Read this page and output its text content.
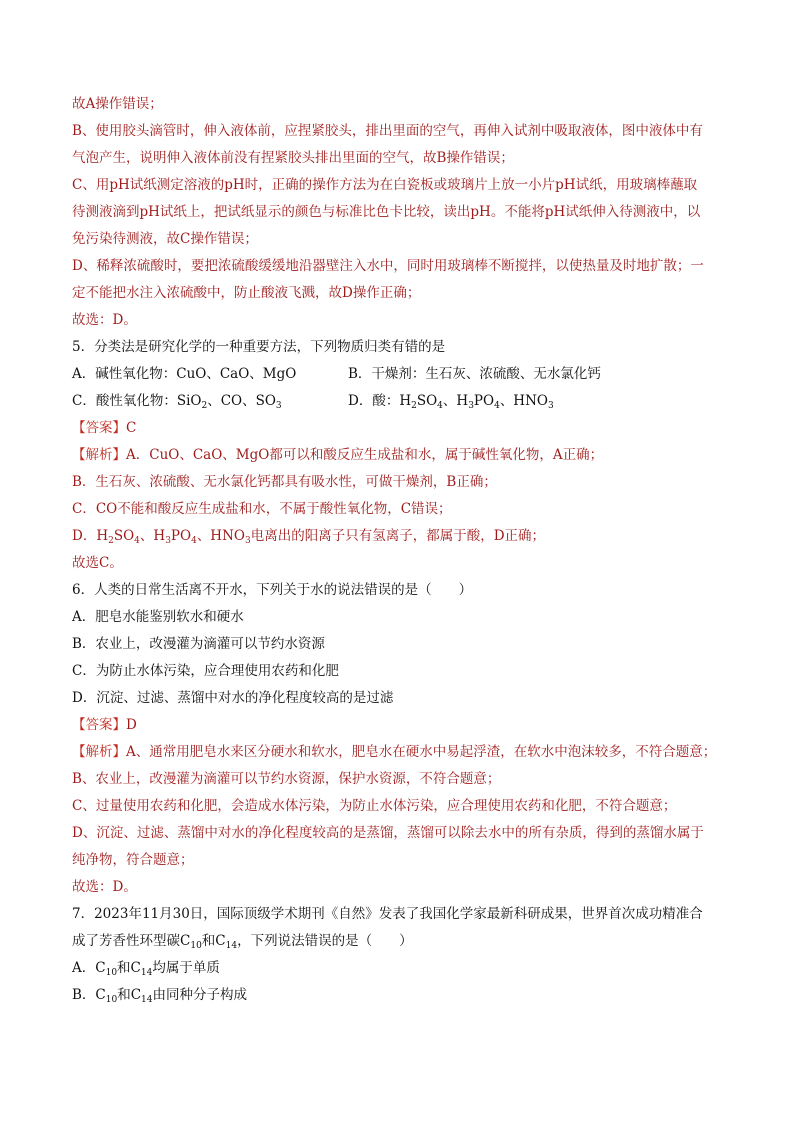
故A操作错误；
B、使用胶头滴管时，伸入液体前，应捏紧胶头，排出里面的空气，再伸入试剂中吸取液体，图中液体中有
气泡产生，说明伸入液体前没有捏紧胶头排出里面的空气，故B操作错误；
C、用pH试纸测定溶液的pH时，正确的操作方法为在白瓷板或玻璃片上放一小片pH试纸，用玻璃棒蘸取
待测液滴到pH试纸上，把试纸显示的颜色与标准比色卡比较，读出pH。不能将pH试纸伸入待测液中，以
免污染待测液，故C操作错误；
D、稀释浓硫酸时，要把浓硫酸缓缓地沿器壁注入水中，同时用玻璃棒不断搅拌，以使热量及时地扩散；一
定不能把水注入浓硫酸中，防止酸液飞溅，故D操作正确；
故选：D。
5．分类法是研究化学的一种重要方法，下列物质归类有错的是
A．碱性氧化物：CuO、CaO、MgO	B．干燥剂：生石灰、浓硫酸、无水氯化钙
C．酸性氧化物：SiO$_2$、CO、$SO_3$	D．酸：$H_2SO_4$、$H_3PO_4$、$HNO_3$
【答案】C
【解析】A．CuO、CaO、MgO都可以和酸反应生成盐和水，属于碱性氧化物，A正确；
B．生石灰、浓硫酸、无水氯化钙都具有吸水性，可做干燥剂，B正确；
C．CO不能和酸反应生成盐和水，不属于酸性氧化物，C错误；
D．$H_2SO_4$、$H_3PO_4$、$HNO_3$电离出的阳离子只有氢离子，都属于酸，D正确；
故选C。
6．人类的日常生活离不开水，下列关于水的说法错误的是（　　）
A．肥皂水能鉴别软水和硬水
B．农业上，改漫灌为滴灌可以节约水资源
C．为防止水体污染，应合理使用农药和化肥
D．沉淀、过滤、蒸馏中对水的净化程度较高的是过滤
【答案】D
【解析】A、通常用肥皂水来区分硬水和软水，肥皂水在硬水中易起浮渣，在软水中泡沫较多，不符合题意；
B、农业上，改漫灌为滴灌可以节约水资源，保护水资源，不符合题意；
C、过量使用农药和化肥，会造成水体污染，为防止水体污染，应合理使用农药和化肥，不符合题意；
D、沉淀、过滤、蒸馏中对水的净化程度较高的是蒸馏，蒸馏可以除去水中的所有杂质，得到的蒸馏水属于
纯净物，符合题意；
故选：D。
7．2023年11月30日，国际顶级学术期刊《自然》发表了我国化学家最新科研成果，世界首次成功精准合
成了芳香性环型碳$C_{10}$和$C_{14}$，下列说法错误的是（　　）
A．$C_{10}$和$C_{14}$均属于单质
B．$C_{10}$和$C_{14}$由同种分子构成
